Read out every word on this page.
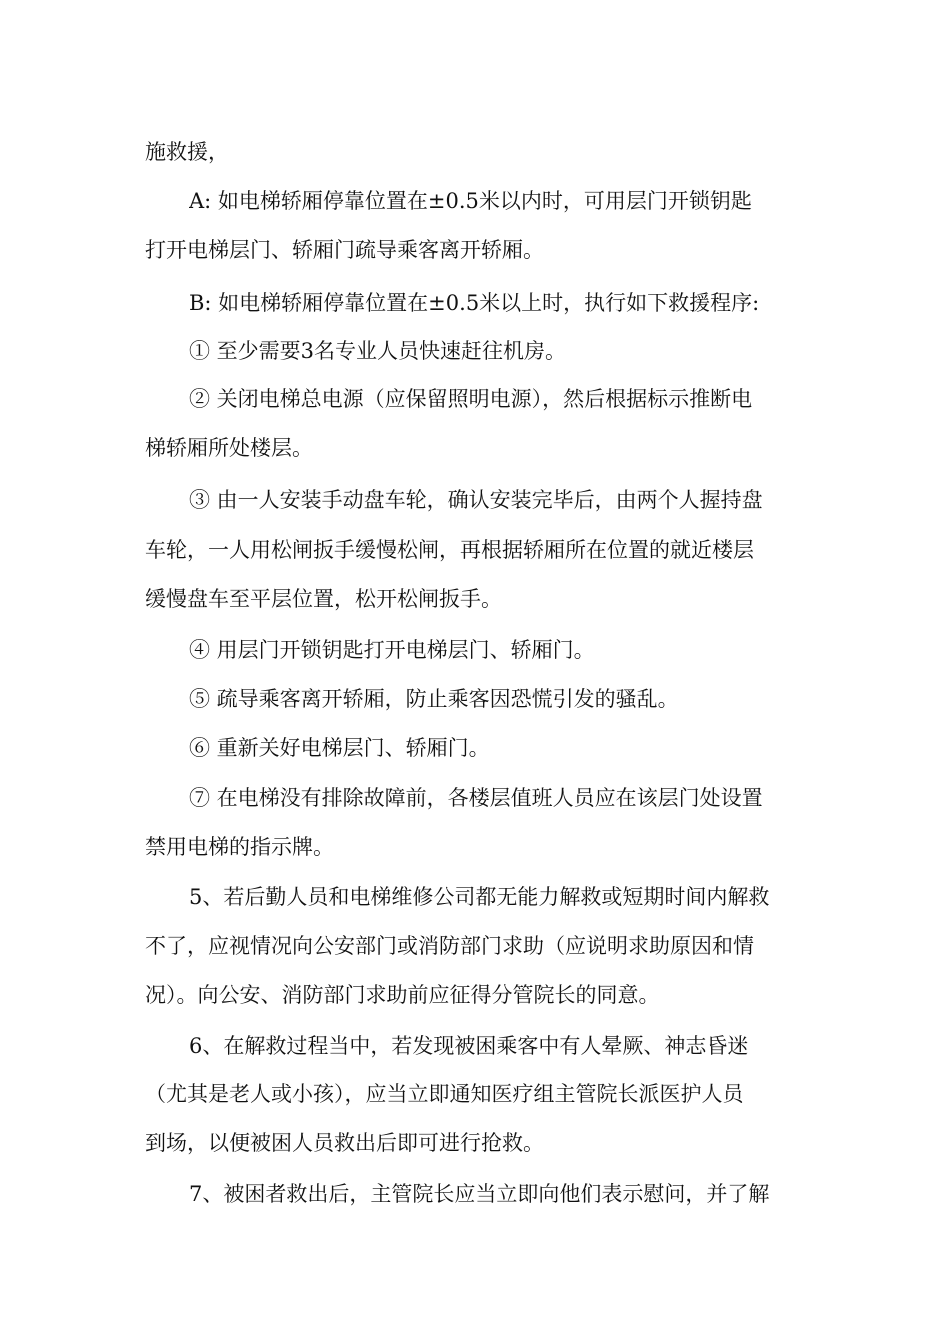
施救援，
A: 如电梯轿厢停靠位置在±0.5米以内时，可用层门开锁钥匙
打开电梯层门、轿厢门疏导乘客离开轿厢。
B: 如电梯轿厢停靠位置在±0.5米以上时，执行如下救援程序:
① 至少需要3名专业人员快速赶往机房。
② 关闭电梯总电源（应保留照明电源），然后根据标示推断电
梯轿厢所处楼层。
③ 由一人安装手动盘车轮，确认安装完毕后，由两个人握持盘
车轮，一人用松闸扳手缓慢松闸，再根据轿厢所在位置的就近楼层
缓慢盘车至平层位置，松开松闸扳手。
④ 用层门开锁钥匙打开电梯层门、轿厢门。
⑤ 疏导乘客离开轿厢，防止乘客因恐慌引发的骚乱。
⑥ 重新关好电梯层门、轿厢门。
⑦ 在电梯没有排除故障前，各楼层值班人员应在该层门处设置
禁用电梯的指示牌。
5、若后勤人员和电梯维修公司都无能力解救或短期时间内解救
不了，应视情况向公安部门或消防部门求助（应说明求助原因和情
况）。向公安、消防部门求助前应征得分管院长的同意。
6、在解救过程当中，若发现被困乘客中有人晕厥、神志昏迷
（尤其是老人或小孩），应当立即通知医疗组主管院长派医护人员
到场，以便被困人员救出后即可进行抢救。
7、被困者救出后，主管院长应当立即向他们表示慰问，并了解
